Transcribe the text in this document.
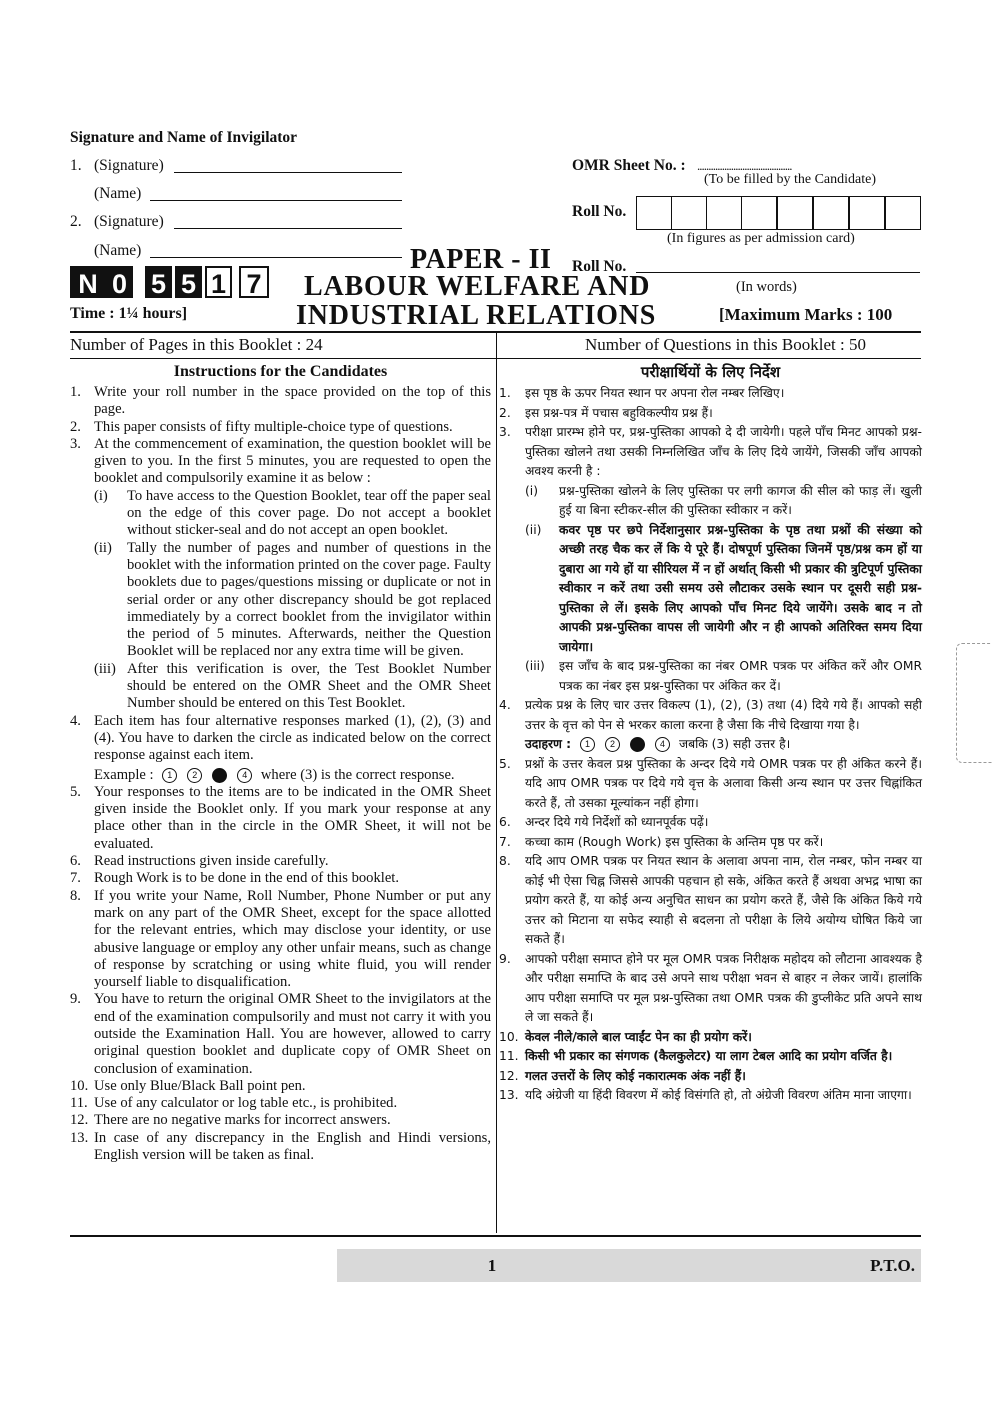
Signature and Name of Invigilator
1. (Signature)
(Name)
2. (Signature)
(Name)
OMR Sheet No. : ..........................................
(To be filled by the Candidate)
Roll No.
(In figures as per admission card)
Roll No.
(In words)
N 0 5 5 1 7
PAPER - II
LABOUR WELFARE AND
INDUSTRIAL RELATIONS
Time : 1¼ hours]	[Maximum Marks : 100
Number of Pages in this Booklet : 24	Number of Questions in this Booklet : 50
Instructions for the Candidates

1. Write your roll number in the space provided on the top of this page.

2. This paper consists of fifty multiple-choice type of questions.

3. At the commencement of examination, the question booklet will be given to you. In the first 5 minutes, you are requested to open the booklet and compulsorily examine it as below :

(i) To have access to the Question Booklet, tear off the paper seal on the edge of this cover page. Do not accept a booklet without sticker-seal and do not accept an open booklet.

(ii) Tally the number of pages and number of questions in the booklet with the information printed on the cover page. Faulty booklets due to pages/questions missing or duplicate or not in serial order or any other discrepancy should be got replaced immediately by a correct booklet from the invigilator within the period of 5 minutes. Afterwards, neither the Question Booklet will be replaced nor any extra time will be given.

(iii) After this verification is over, the Test Booklet Number should be entered on the OMR Sheet and the OMR Sheet Number should be entered on this Test Booklet.

4. Each item has four alternative responses marked (1), (2), (3) and (4). You have to darken the circle as indicated below on the correct response against each item.

Example : 1 2	4 where (3) is the correct response.

5. Your responses to the items are to be indicated in the OMR Sheet given inside the Booklet only. If you mark your response at any place other than in the circle in the OMR Sheet, it will not be evaluated.

6. Read instructions given inside carefully.

7. Rough Work is to be done in the end of this booklet.

8. If you write your Name, Roll Number, Phone Number or put any mark on any part of the OMR Sheet, except for the space allotted for the relevant entries, which may disclose your identity, or use abusive language or employ any other unfair means, such as change of response by scratching or using white fluid, you will render yourself liable to disqualification.

9. You have to return the original OMR Sheet to the invigilators at the end of the examination compulsorily and must not carry it with you outside the Examination Hall. You are however, allowed to carry original question booklet and duplicate copy of OMR Sheet on conclusion of examination.

10. Use only Blue/Black Ball point pen.

11. Use of any calculator or log table etc., is prohibited.

12. There are no negative marks for incorrect answers.

13. In case of any discrepancy in the English and Hindi versions, English version will be taken as final.

परीक्षार्थियों के लिए निर्देश

1. इस पृष्ठ के ऊपर नियत स्थान पर अपना रोल नम्बर लिखिए।

2. इस प्रश्न-पत्र में पचास बहुविकल्पीय प्रश्न हैं।

3. परीक्षा प्रारम्भ होने पर, प्रश्न-पुस्तिका आपको दे दी जायेगी। पहले पाँच मिनट आपको प्रश्न-पुस्तिका खोलने तथा उसकी निम्नलिखित जाँच के लिए दिये जायेंगे, जिसकी जाँच आपको अवश्य करनी है :

(i) प्रश्न-पुस्तिका खोलने के लिए पुस्तिका पर लगी कागज की सील को फाड़ लें। खुली हुई या बिना स्टीकर-सील की पुस्तिका स्वीकार न करें।

(ii) कवर पृष्ठ पर छपे निर्देशानुसार प्रश्न-पुस्तिका के पृष्ठ तथा प्रश्नों की संख्या को अच्छी तरह चैक कर लें कि ये पूरे हैं। दोषपूर्ण पुस्तिका जिनमें पृष्ठ/प्रश्न कम हों या दुबारा आ गये हों या सीरियल में न हों अर्थात् किसी भी प्रकार की त्रुटिपूर्ण पुस्तिका स्वीकार न करें तथा उसी समय उसे लौटाकर उसके स्थान पर दूसरी सही प्रश्न-पुस्तिका ले लें। इसके लिए आपको पाँच मिनट दिये जायेंगे। उसके बाद न तो आपकी प्रश्न-पुस्तिका वापस ली जायेगी और न ही आपको अतिरिक्त समय दिया जायेगा।

(iii) इस जाँच के बाद प्रश्न-पुस्तिका का नंबर OMR पत्रक पर अंकित करें और OMR पत्रक का नंबर इस प्रश्न-पुस्तिका पर अंकित कर दें।

4. प्रत्येक प्रश्न के लिए चार उत्तर विकल्प (1), (2), (3) तथा (4) दिये गये हैं। आपको सही उत्तर के वृत्त को पेन से भरकर काला करना है जैसा कि नीचे दिखाया गया है।

उदाहरण : 1 2	4 जबकि (3) सही उत्तर है।

5. प्रश्नों के उत्तर केवल प्रश्न पुस्तिका के अन्दर दिये गये OMR पत्रक पर ही अंकित करने हैं। यदि आप OMR पत्रक पर दिये गये वृत्त के अलावा किसी अन्य स्थान पर उत्तर चिह्नांकित करते हैं, तो उसका मूल्यांकन नहीं होगा।

6. अन्दर दिये गये निर्देशों को ध्यानपूर्वक पढ़ें।

7. कच्चा काम (Rough Work) इस पुस्तिका के अन्तिम पृष्ठ पर करें।

8. यदि आप OMR पत्रक पर नियत स्थान के अलावा अपना नाम, रोल नम्बर, फोन नम्बर या कोई भी ऐसा चिह्न जिससे आपकी पहचान हो सके, अंकित करते हैं अथवा अभद्र भाषा का प्रयोग करते हैं, या कोई अन्य अनुचित साधन का प्रयोग करते हैं, जैसे कि अंकित किये गये उत्तर को मिटाना या सफेद स्याही से बदलना तो परीक्षा के लिये अयोग्य घोषित किये जा सकते हैं।

9. आपको परीक्षा समाप्त होने पर मूल OMR पत्रक निरीक्षक महोदय को लौटाना आवश्यक है और परीक्षा समाप्ति के बाद उसे अपने साथ परीक्षा भवन से बाहर न लेकर जायें। हालांकि आप परीक्षा समाप्ति पर मूल प्रश्न-पुस्तिका तथा OMR पत्रक की डुप्लीकेट प्रति अपने साथ ले जा सकते हैं।

10. केवल नीले/काले बाल प्वाईंट पेन का ही प्रयोग करें।

11. किसी भी प्रकार का संगणक (कैलकुलेटर) या लाग टेबल आदि का प्रयोग वर्जित है।

12. गलत उत्तरों के लिए कोई नकारात्मक अंक नहीं हैं।

13. यदि अंग्रेजी या हिंदी विवरण में कोई विसंगति हो, तो अंग्रेजी विवरण अंतिम माना जाएगा।

1	P.T.O.
